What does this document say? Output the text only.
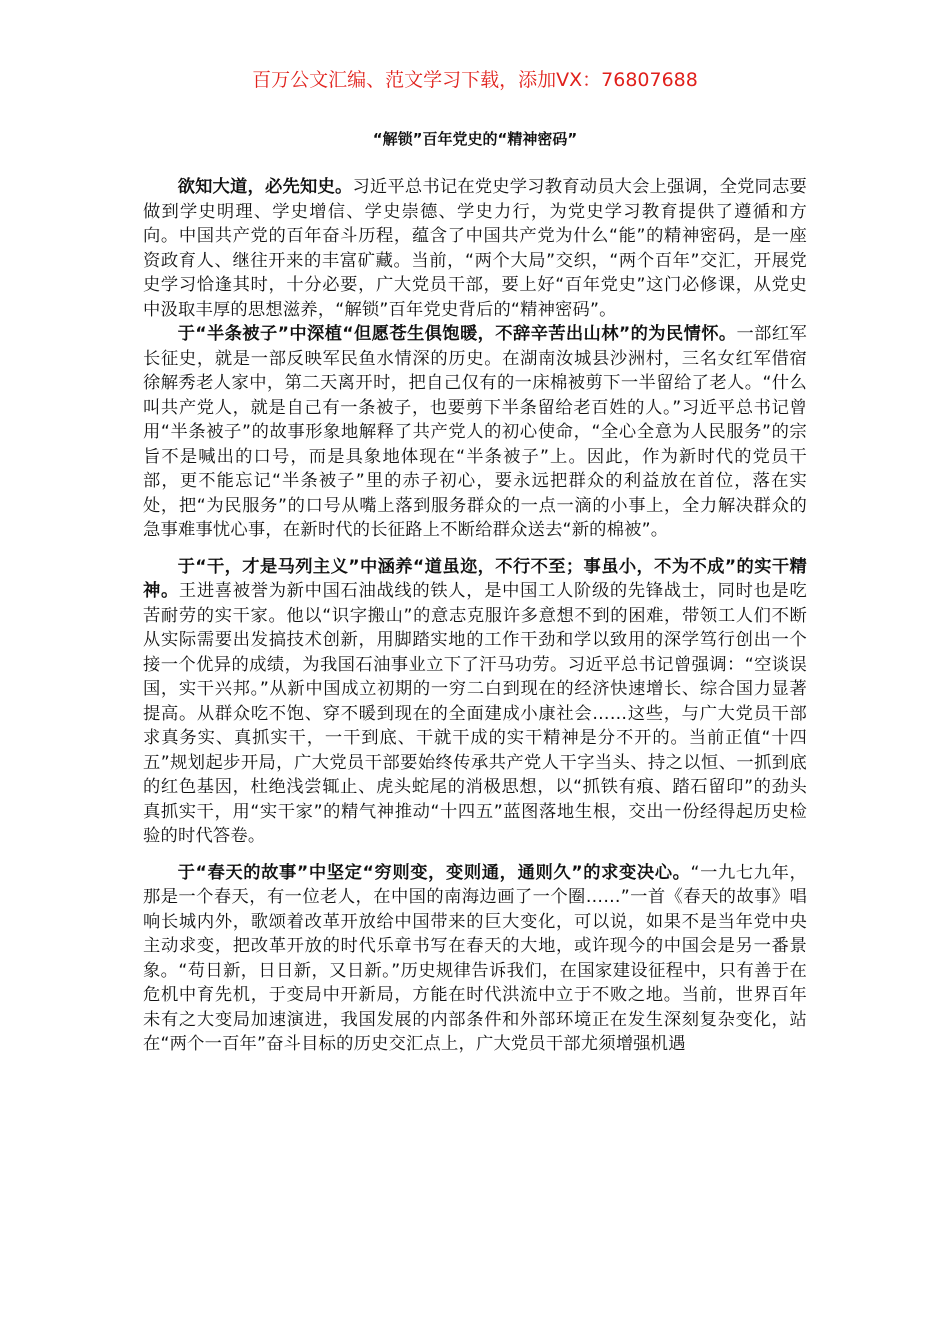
百万公文汇编、范文学习下载，添加VX：76807688
“解锁”百年党史的“精神密码”

欲知大道，必先知史。习近平总书记在党史学习教育动员大会上强调，全党同志要做到学史明理、学史增信、学史崇德、学史力行，为党史学习教育提供了遵循和方向。中国共产党的百年奋斗历程，蕴含了中国共产党为什么“能”的精神密码，是一座资政育人、继往开来的丰富矿藏。当前，“两个大局”交织，“两个百年”交汇，开展党史学习恰逢其时，十分必要，广大党员干部，要上好“百年党史”这门必修课，从党史中汲取丰厚的思想滋养，“解锁”百年党史背后的“精神密码”。

于“半条被子”中深植“但愿苍生俱饱暖，不辞辛苦出山林”的为民情怀。一部红军长征史，就是一部反映军民鱼水情深的历史。在湖南汝城县沙洲村，三名女红军借宿徐解秀老人家中，第二天离开时，把自己仅有的一床棉被剪下一半留给了老人。“什么叫共产党人，就是自己有一条被子，也要剪下半条留给老百姓的人。”习近平总书记曾用“半条被子”的故事形象地解释了共产党人的初心使命，“全心全意为人民服务”的宗旨不是喊出的口号，而是具象地体现在“半条被子”上。因此，作为新时代的党员干部，更不能忘记“半条被子”里的赤子初心，要永远把群众的利益放在首位，落在实处，把“为民服务”的口号从嘴上落到服务群众的一点一滴的小事上，全力解决群众的急事难事忧心事，在新时代的长征路上不断给群众送去“新的棉被”。

于“干，才是马列主义”中涵养“道虽迩，不行不至；事虽小，不为不成”的实干精神。王进喜被誉为新中国石油战线的铁人，是中国工人阶级的先锋战士，同时也是吃苦耐劳的实干家。他以“识字搬山”的意志克服许多意想不到的困难，带领工人们不断从实际需要出发搞技术创新，用脚踏实地的工作干劲和学以致用的深学笃行创出一个接一个优异的成绩，为我国石油事业立下了汗马功劳。习近平总书记曾强调：“空谈误国，实干兴邦。”从新中国成立初期的一穷二白到现在的经济快速增长、综合国力显著提高。从群众吃不饱、穿不暖到现在的全面建成小康社会……这些，与广大党员干部求真务实、真抓实干，一干到底、干就干成的实干精神是分不开的。当前正值“十四五”规划起步开局，广大党员干部要始终传承共产党人干字当头、持之以恒、一抓到底的红色基因，杜绝浅尝辄止、虎头蛇尾的消极思想，以“抓铁有痕、踏石留印”的劲头真抓实干，用“实干家”的精气神推动“十四五”蓝图落地生根，交出一份经得起历史检验的时代答卷。

于“春天的故事”中坚定“穷则变，变则通，通则久”的求变决心。“一九七九年，那是一个春天，有一位老人，在中国的南海边画了一个圈……”一首《春天的故事》唱响长城内外，歌颂着改革开放给中国带来的巨大变化，可以说，如果不是当年党中央主动求变，把改革开放的时代乐章书写在春天的大地，或许现今的中国会是另一番景象。“苟日新，日日新，又日新。”历史规律告诉我们，在国家建设征程中，只有善于在危机中育先机，于变局中开新局，方能在时代洪流中立于不败之地。当前，世界百年未有之大变局加速演进，我国发展的内部条件和外部环境正在发生深刻复杂变化，站在“两个一百年”奋斗目标的历史交汇点上，广大党员干部尤须增强机遇
